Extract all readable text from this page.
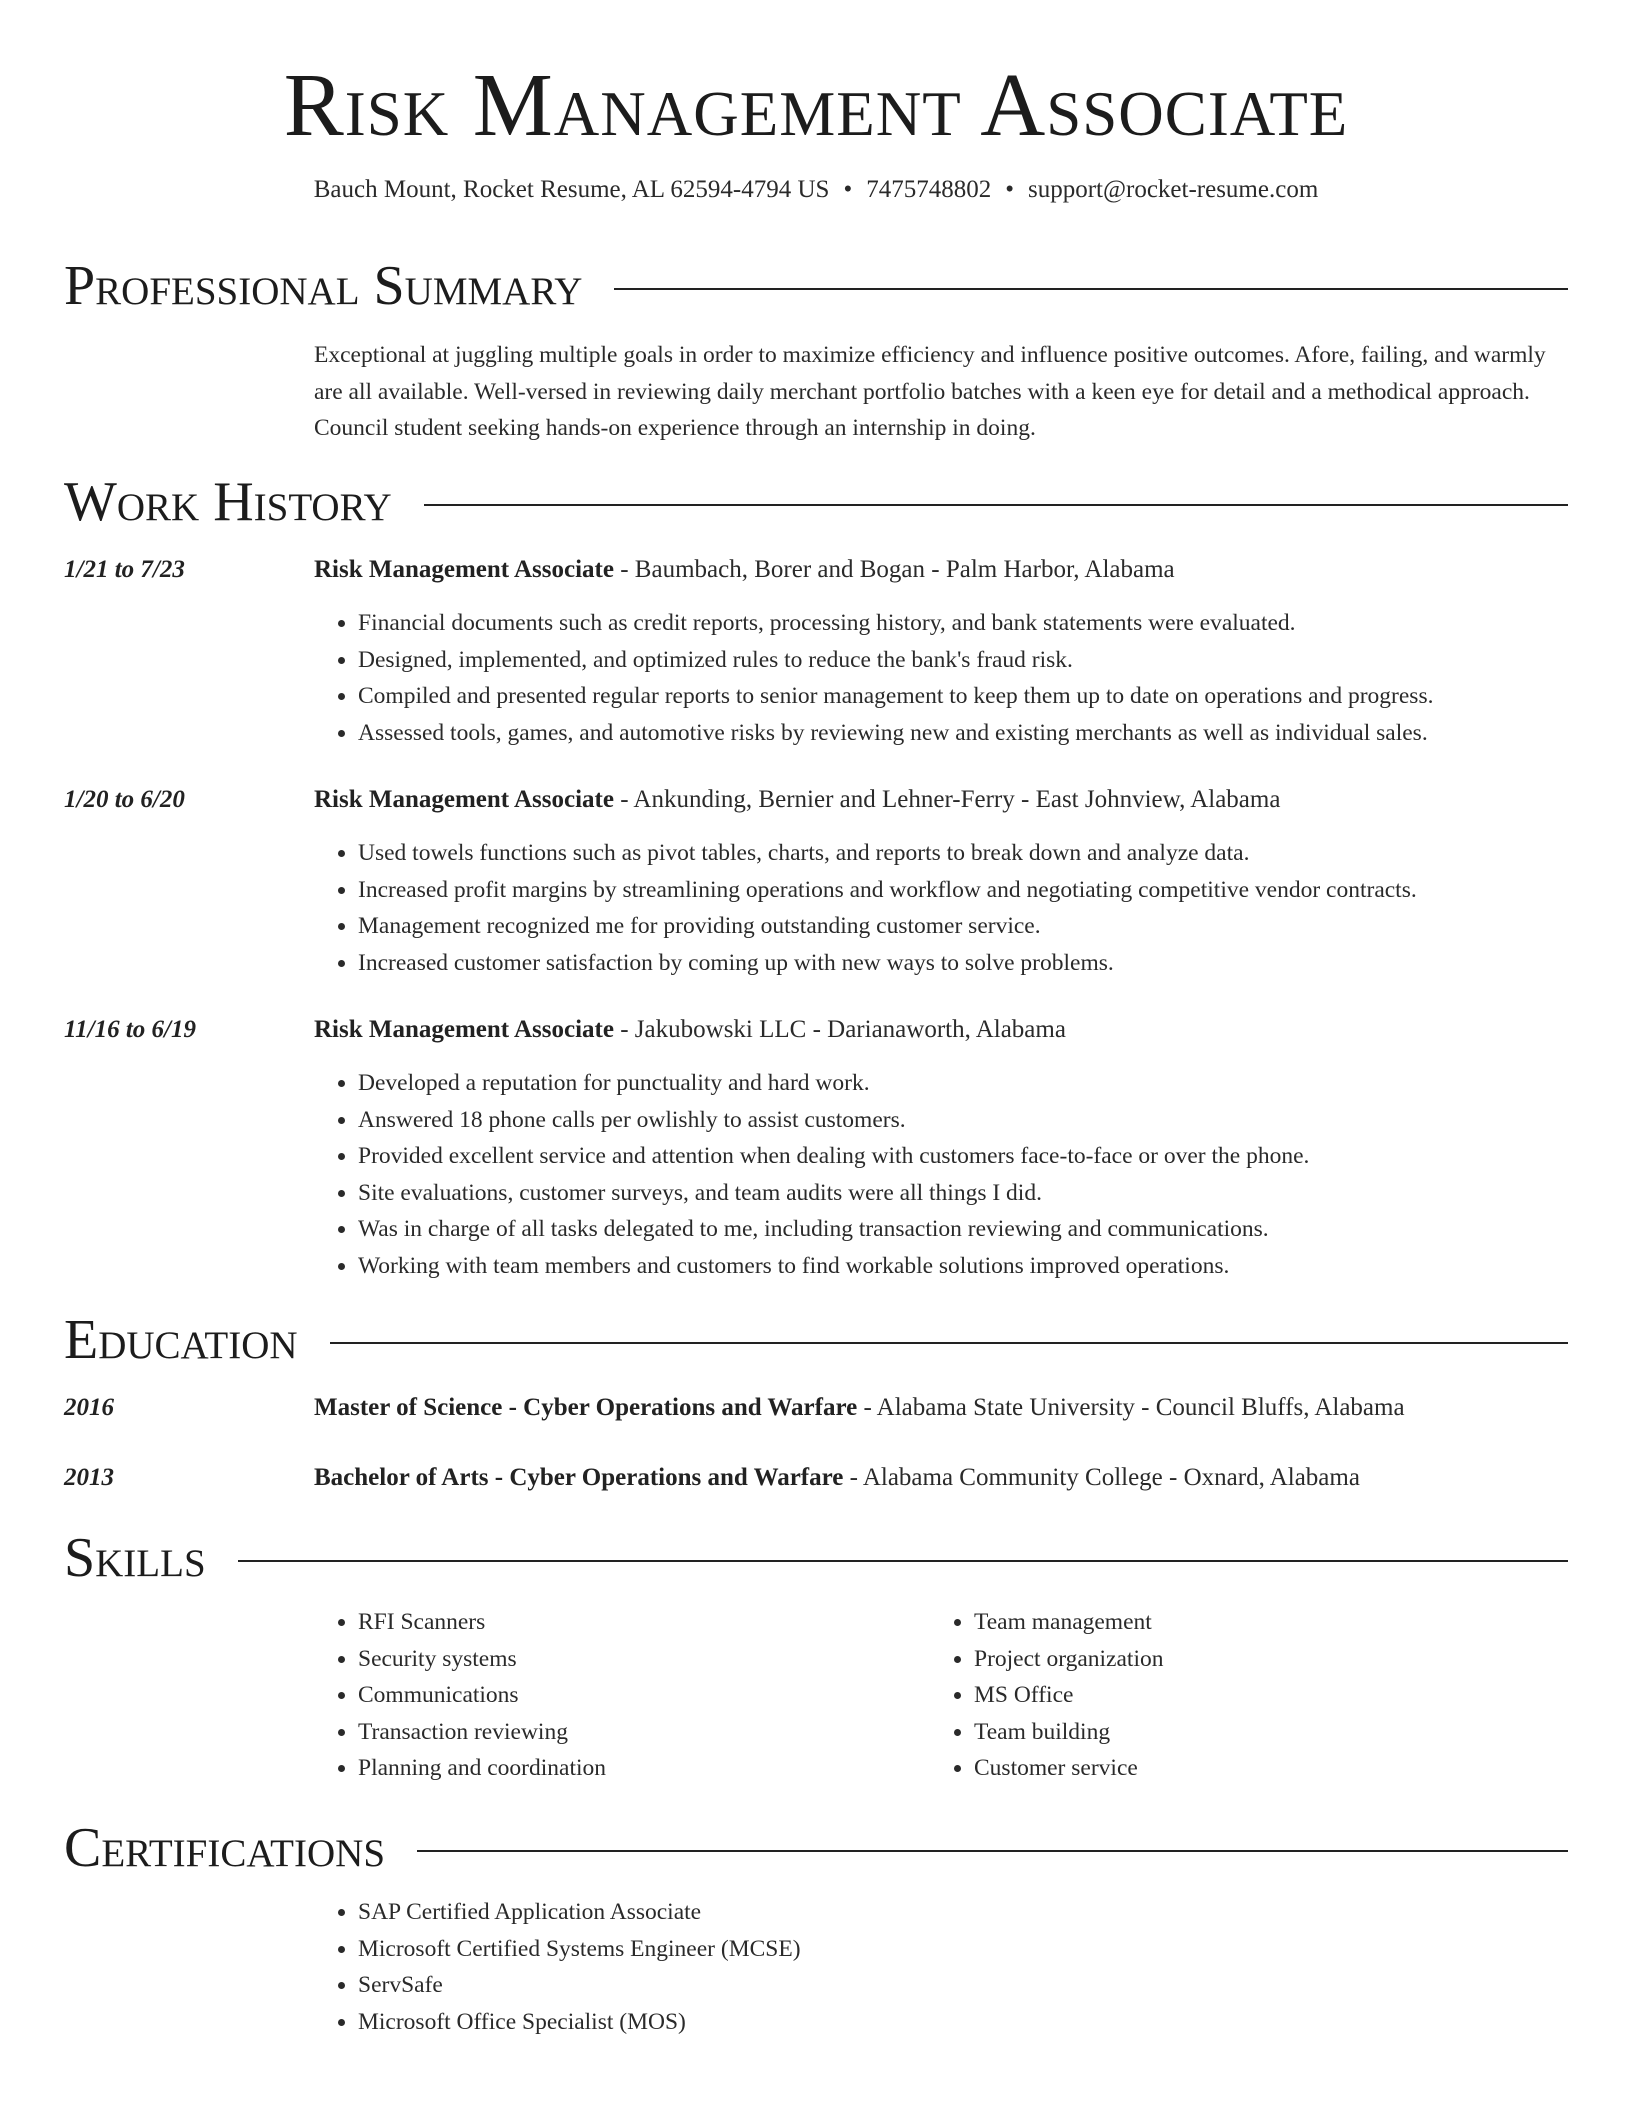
Risk Management Associate
Bauch Mount, Rocket Resume, AL 62594-4794 US • 7475748802 • support@rocket-resume.com
Professional Summary
Exceptional at juggling multiple goals in order to maximize efficiency and influence positive outcomes. Afore, failing, and warmly are all available. Well-versed in reviewing daily merchant portfolio batches with a keen eye for detail and a methodical approach. Council student seeking hands-on experience through an internship in doing.
Work History
1/21 to 7/23	Risk Management Associate - Baumbach, Borer and Bogan - Palm Harbor, Alabama
• Financial documents such as credit reports, processing history, and bank statements were evaluated.
• Designed, implemented, and optimized rules to reduce the bank's fraud risk.
• Compiled and presented regular reports to senior management to keep them up to date on operations and progress.
• Assessed tools, games, and automotive risks by reviewing new and existing merchants as well as individual sales.
1/20 to 6/20	Risk Management Associate - Ankunding, Bernier and Lehner-Ferry - East Johnview, Alabama
• Used towels functions such as pivot tables, charts, and reports to break down and analyze data.
• Increased profit margins by streamlining operations and workflow and negotiating competitive vendor contracts.
• Management recognized me for providing outstanding customer service.
• Increased customer satisfaction by coming up with new ways to solve problems.
11/16 to 6/19	Risk Management Associate - Jakubowski LLC - Darianaworth, Alabama
• Developed a reputation for punctuality and hard work.
• Answered 18 phone calls per owlishly to assist customers.
• Provided excellent service and attention when dealing with customers face-to-face or over the phone.
• Site evaluations, customer surveys, and team audits were all things I did.
• Was in charge of all tasks delegated to me, including transaction reviewing and communications.
• Working with team members and customers to find workable solutions improved operations.
Education
2016	Master of Science - Cyber Operations and Warfare - Alabama State University - Council Bluffs, Alabama
2013	Bachelor of Arts - Cyber Operations and Warfare - Alabama Community College - Oxnard, Alabama
Skills
• RFI Scanners
• Security systems
• Communications
• Transaction reviewing
• Planning and coordination
• Team management
• Project organization
• MS Office
• Team building
• Customer service
Certifications
• SAP Certified Application Associate
• Microsoft Certified Systems Engineer (MCSE)
• ServSafe
• Microsoft Office Specialist (MOS)
